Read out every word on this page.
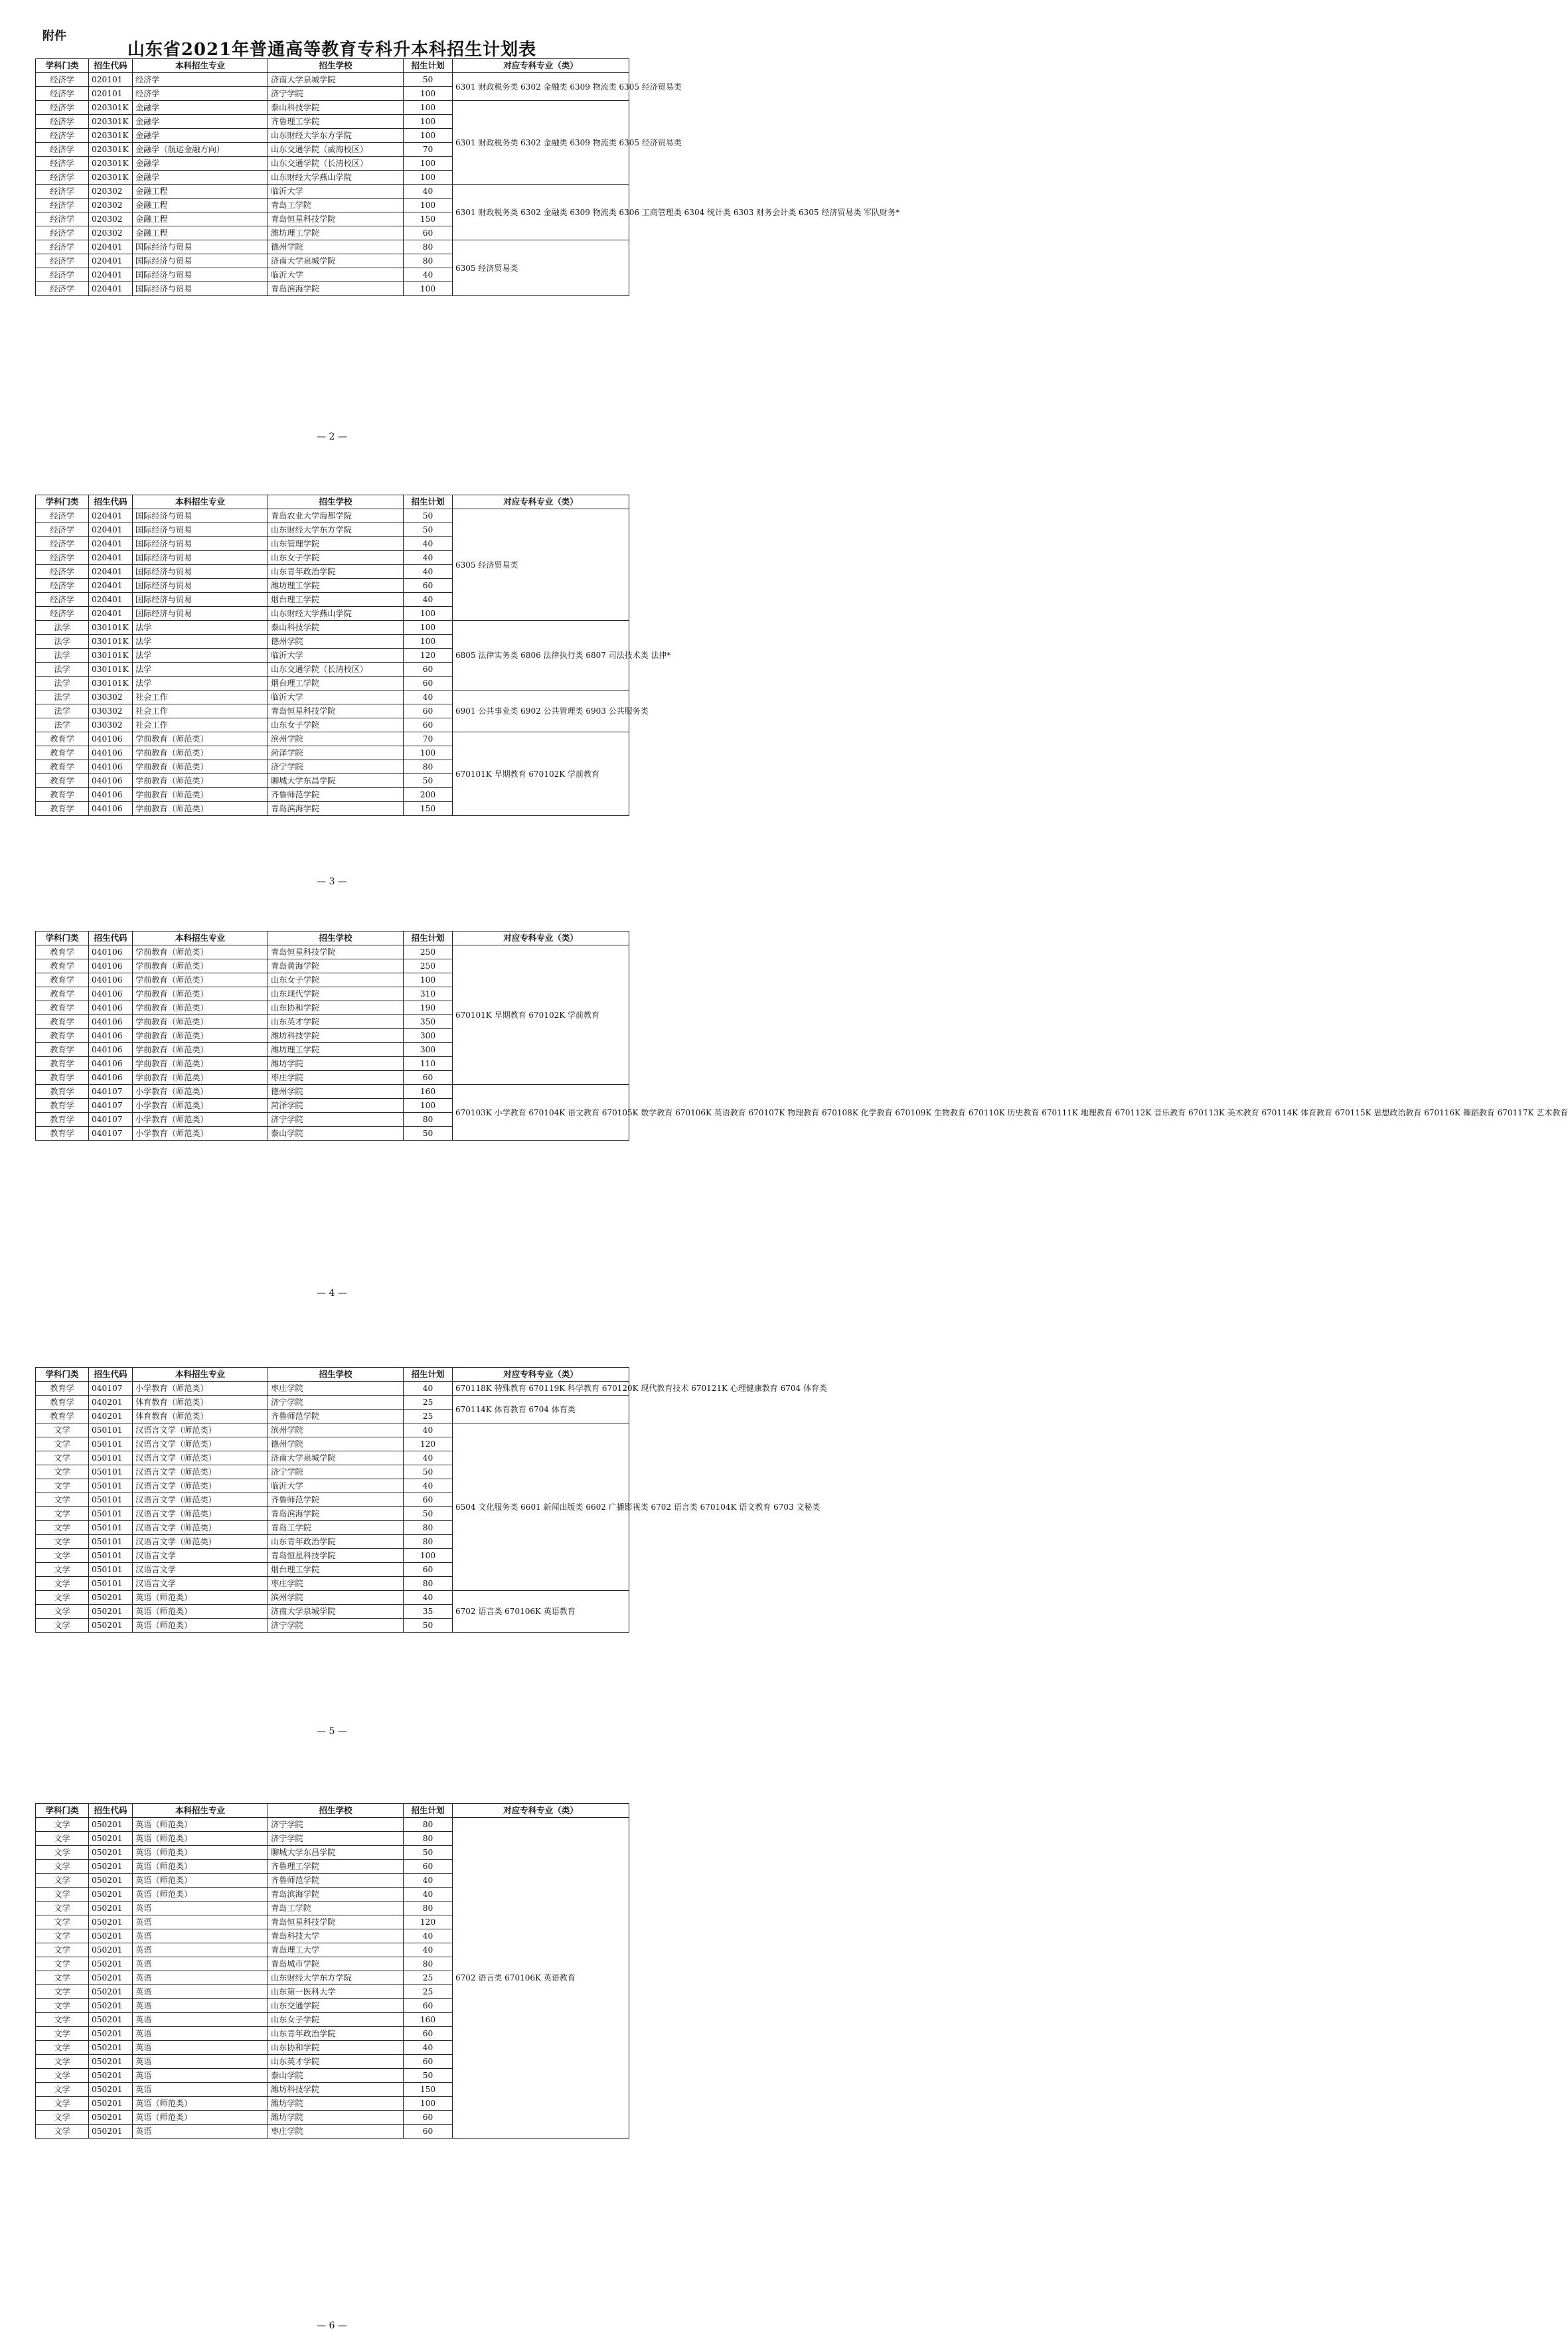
附件
山东省2021年普通高等教育专科升本科招生计划表
学科门类	招生代码	本科招生专业	招生学校	招生计划	对应专科专业（类）
经济学	020101	经济学	济南大学泉城学院	50	6301 财政税务类 6302 金融类 6309 物流类 6305 经济贸易类
经济学	020101	经济学	济宁学院	100	
经济学	020301K	金融学	泰山科技学院	100	6301 财政税务类 6302 金融类 6309 物流类 6305 经济贸易类
经济学	020301K	金融学	齐鲁理工学院	100	
经济学	020301K	金融学	山东财经大学东方学院	100	
经济学	020301K	金融学（航运金融方向）	山东交通学院（威海校区）	70	
经济学	020301K	金融学	山东交通学院（长清校区）	100	
经济学	020301K	金融学	山东财经大学燕山学院	100	
经济学	020302	金融工程	临沂大学	40	6301 财政税务类 6302 金融类 6309 物流类 6306 工商管理类 6304 统计类 6303 财务会计类 6305 经济贸易类 军队财务*
经济学	020302	金融工程	青岛工学院	100	
经济学	020302	金融工程	青岛恒星科技学院	150	
经济学	020302	金融工程	潍坊理工学院	60	
经济学	020401	国际经济与贸易	德州学院	80	6305 经济贸易类
经济学	020401	国际经济与贸易	济南大学泉城学院	80	
经济学	020401	国际经济与贸易	临沂大学	40	
经济学	020401	国际经济与贸易	青岛滨海学院	100	
— 2 —
学科门类	招生代码	本科招生专业	招生学校	招生计划	对应专科专业（类）
经济学	020401	国际经济与贸易	青岛农业大学海都学院	50	6305 经济贸易类
经济学	020401	国际经济与贸易	山东财经大学东方学院	50	
经济学	020401	国际经济与贸易	山东管理学院	40	
经济学	020401	国际经济与贸易	山东女子学院	40	
经济学	020401	国际经济与贸易	山东青年政治学院	40	
经济学	020401	国际经济与贸易	潍坊理工学院	60	
经济学	020401	国际经济与贸易	烟台理工学院	40	
经济学	020401	国际经济与贸易	山东财经大学燕山学院	100	
法学	030101K	法学	泰山科技学院	100	6805 法律实务类 6806 法律执行类 6807 司法技术类 法律*
法学	030101K	法学	德州学院	100	
法学	030101K	法学	临沂大学	120	
法学	030101K	法学	山东交通学院（长清校区）	60	
法学	030101K	法学	烟台理工学院	60	
法学	030302	社会工作	临沂大学	40	6901 公共事业类 6902 公共管理类 6903 公共服务类
法学	030302	社会工作	青岛恒星科技学院	60	
法学	030302	社会工作	山东女子学院	60	
教育学	040106	学前教育（师范类）	滨州学院	70	670101K 早期教育 670102K 学前教育
教育学	040106	学前教育（师范类）	菏泽学院	100	
教育学	040106	学前教育（师范类）	济宁学院	80	
教育学	040106	学前教育（师范类）	聊城大学东昌学院	50	
教育学	040106	学前教育（师范类）	齐鲁师范学院	200	
教育学	040106	学前教育（师范类）	青岛滨海学院	150	
— 3 —
学科门类	招生代码	本科招生专业	招生学校	招生计划	对应专科专业（类）
教育学	040106	学前教育（师范类）	青岛恒星科技学院	250	670101K 早期教育 670102K 学前教育
教育学	040106	学前教育（师范类）	青岛黄海学院	250	
教育学	040106	学前教育（师范类）	山东女子学院	100	
教育学	040106	学前教育（师范类）	山东现代学院	310	
教育学	040106	学前教育（师范类）	山东协和学院	190	
教育学	040106	学前教育（师范类）	山东英才学院	350	
教育学	040106	学前教育（师范类）	潍坊科技学院	300	
教育学	040106	学前教育（师范类）	潍坊理工学院	300	
教育学	040106	学前教育（师范类）	潍坊学院	110	
教育学	040106	学前教育（师范类）	枣庄学院	60	
教育学	040107	小学教育（师范类）	德州学院	160	670103K 小学教育 670104K 语文教育 670105K 数学教育 670106K 英语教育 670107K 物理教育 670108K 化学教育 670109K 生物教育 670110K 历史教育 670111K 地理教育 670112K 音乐教育 670113K 美术教育 670114K 体育教育 670115K 思想政治教育 670116K 舞蹈教育 670117K 艺术教育

教育学	040107	小学教育（师范类）	菏泽学院	100	

教育学	040107	小学教育（师范类）	济宁学院	80	

教育学	040107	小学教育（师范类）	泰山学院	50	

— 4 —
学科门类	招生代码	本科招生专业	招生学校	招生计划	对应专科专业（类）
教育学	040107	小学教育（师范类）	枣庄学院	40	670118K 特殊教育 670119K 科学教育 670120K 现代教育技术 670121K 心理健康教育 6704 体育类

教育学	040201	体育教育（师范类）	济宁学院	25	670114K 体育教育 6704 体育类
教育学	040201	体育教育（师范类）	齐鲁师范学院	25	
文学	050101	汉语言文学（师范类）	滨州学院	40	6504 文化服务类 6601 新闻出版类 6602 广播影视类 6702 语言类 670104K 语文教育 6703 文秘类
文学	050101	汉语言文学（师范类）	德州学院	120	
文学	050101	汉语言文学（师范类）	济南大学泉城学院	40	
文学	050101	汉语言文学（师范类）	济宁学院	50	
文学	050101	汉语言文学（师范类）	临沂大学	40	
文学	050101	汉语言文学（师范类）	齐鲁师范学院	60	
文学	050101	汉语言文学（师范类）	青岛滨海学院	50	
文学	050101	汉语言文学（师范类）	青岛工学院	80	
文学	050101	汉语言文学（师范类）	山东青年政治学院	80	
文学	050101	汉语言文学	青岛恒星科技学院	100	
文学	050101	汉语言文学	烟台理工学院	60	
文学	050101	汉语言文学	枣庄学院	80	
文学	050201	英语（师范类）	滨州学院	40	6702 语言类 670106K 英语教育
文学	050201	英语（师范类）	济南大学泉城学院	35	
文学	050201	英语（师范类）	济宁学院	50	
— 5 —
学科门类	招生代码	本科招生专业	招生学校	招生计划	对应专科专业（类）
文学	050201	英语（师范类）	济宁学院	80	6702 语言类 670106K 英语教育
文学	050201	英语（师范类）	济宁学院	80	
文学	050201	英语（师范类）	聊城大学东昌学院	50	
文学	050201	英语（师范类）	齐鲁理工学院	60	
文学	050201	英语（师范类）	齐鲁师范学院	40	
文学	050201	英语（师范类）	青岛滨海学院	40	
文学	050201	英语	青岛工学院	80	
文学	050201	英语	青岛恒星科技学院	120	
文学	050201	英语	青岛科技大学	40	
文学	050201	英语	青岛理工大学	40	
文学	050201	英语	青岛城市学院	80	
文学	050201	英语	山东财经大学东方学院	25	
文学	050201	英语	山东第一医科大学	25	
文学	050201	英语	山东交通学院	60	
文学	050201	英语	山东女子学院	160	
文学	050201	英语	山东青年政治学院	60	
文学	050201	英语	山东协和学院	40	
文学	050201	英语	山东英才学院	60	
文学	050201	英语	泰山学院	50	
文学	050201	英语	潍坊科技学院	150	
文学	050201	英语（师范类）	潍坊学院	100	
文学	050201	英语（师范类）	潍坊学院	60	
文学	050201	英语	枣庄学院	60	
— 6 —
